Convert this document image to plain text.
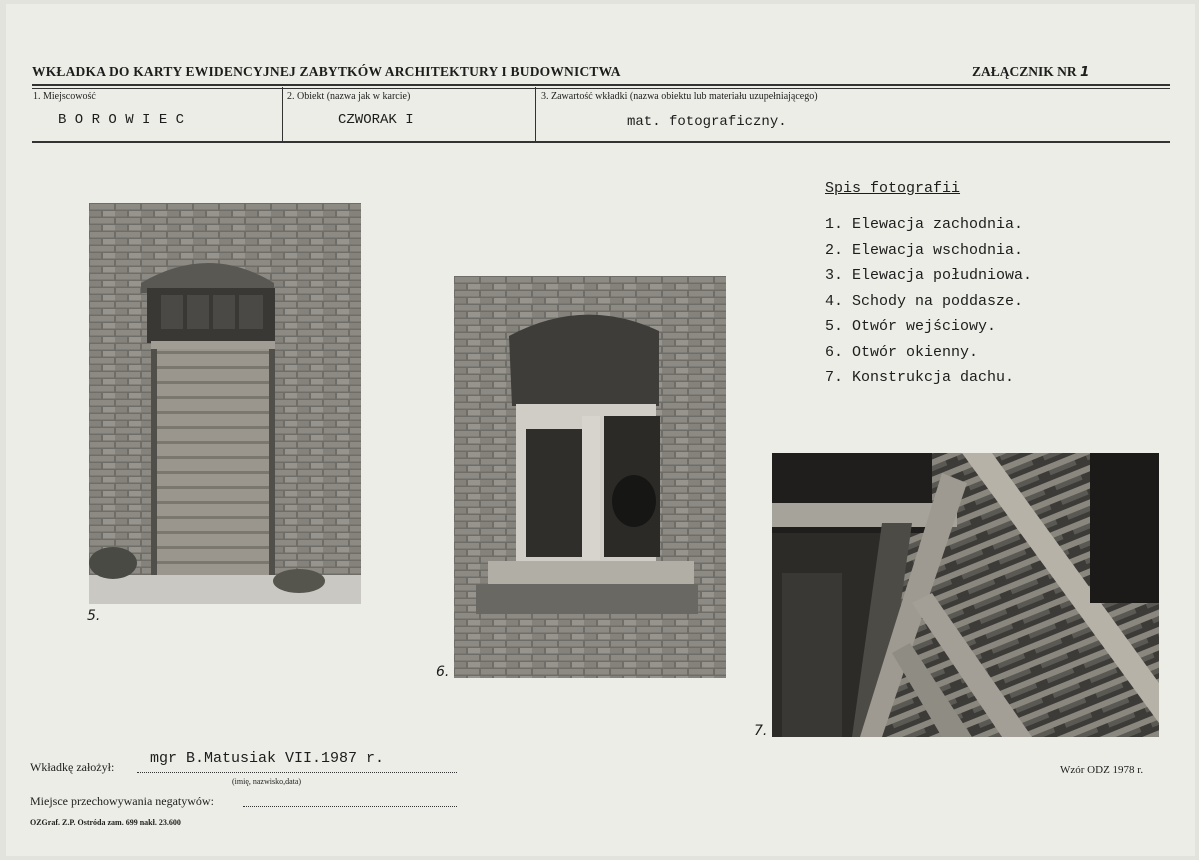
WKŁADKA DO KARTY EWIDENCYJNEJ ZABYTKÓW ARCHITEKTURY I BUDOWNICTWA	ZAŁĄCZNIK NR 1
1. Miejscowość
B O R O W I E C
2. Obiekt (nazwa jak w karcie)
CZWORAK I
3. Zawartość wkładki (nazwa obiektu lub materiału uzupełniającego)
mat. fotograficzny.
Spis fotografii
1. Elewacja zachodnia.
2. Elewacja wschodnia.
3. Elewacja południowa.
4. Schody na poddasze.
5. Otwór wejściowy.
6. Otwór okienny.
7. Konstrukcja dachu.
5.
6.
7.
Wkładkę założył: mgr B.Matusiak VII.1987 r.
(imię, nazwisko,data)
Miejsce przechowywania negatywów:
OZGraf. Z.P. Ostróda zam. 699 nakł. 23.600
Wzór ODZ 1978 r.
